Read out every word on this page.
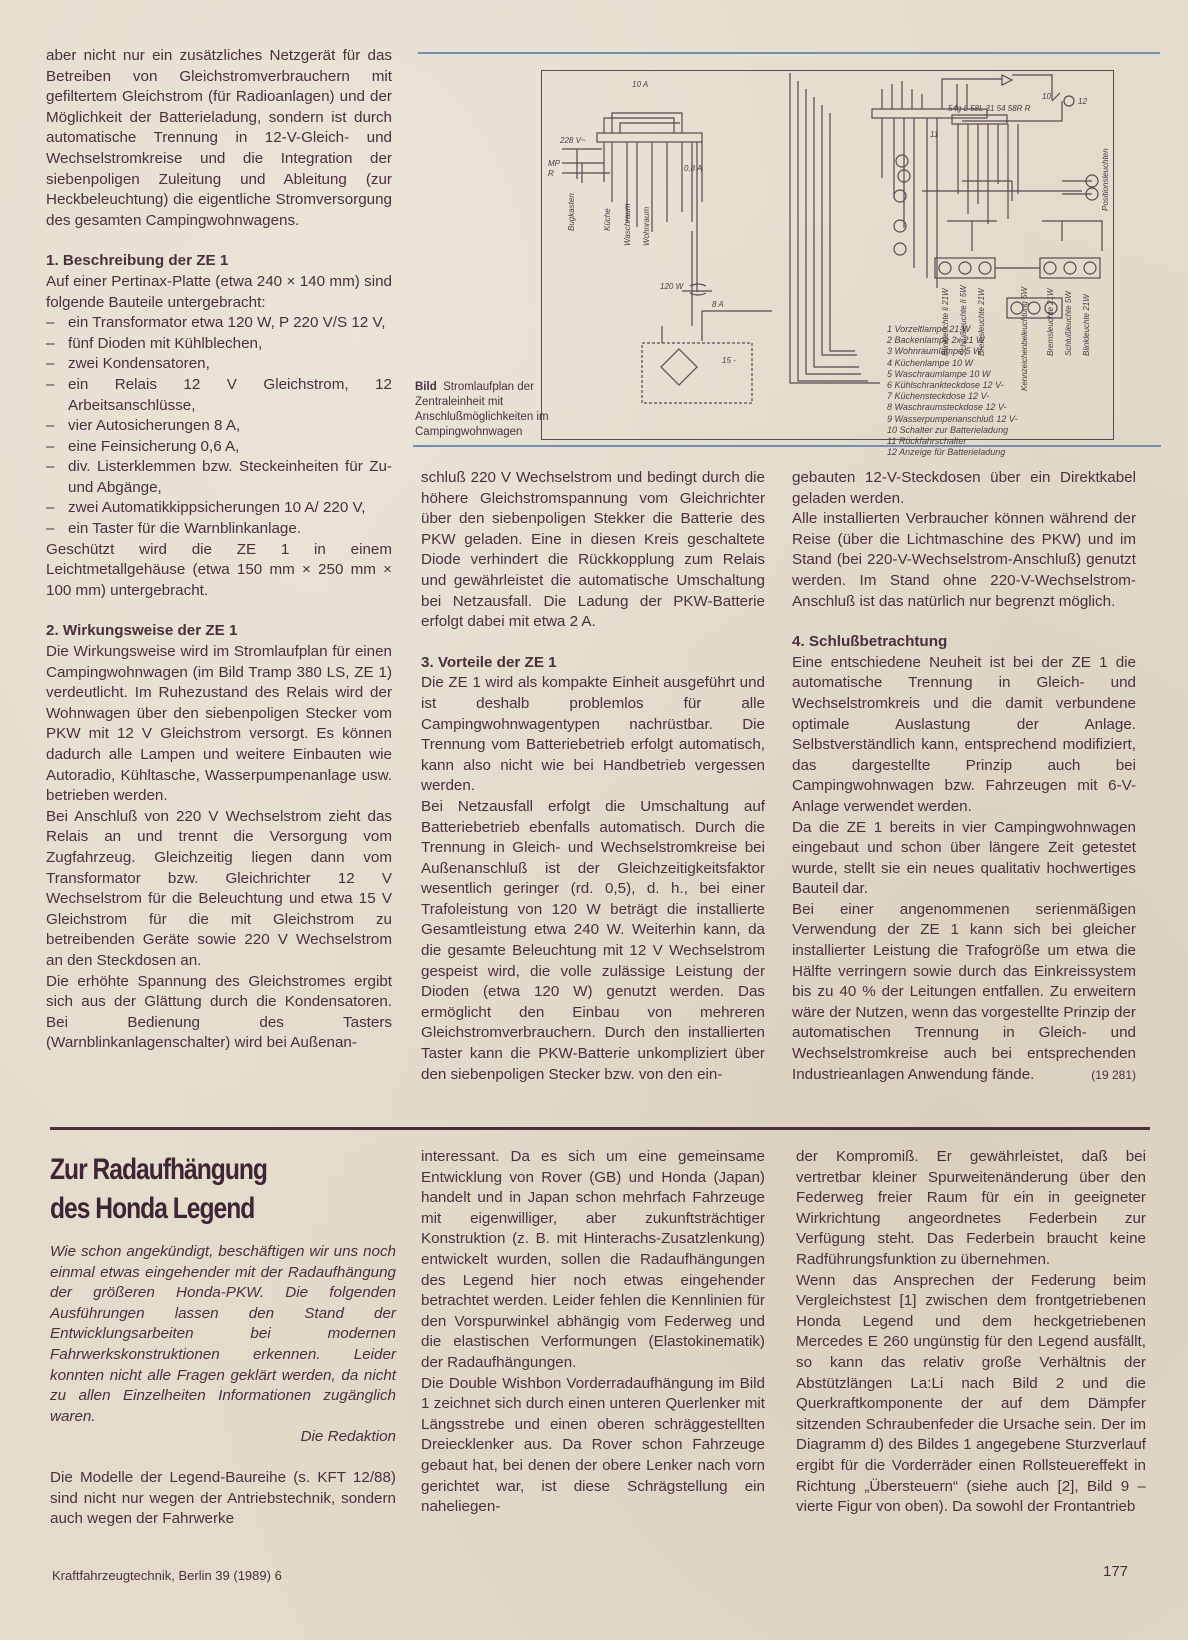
aber nicht nur ein zusätzliches Netzgerät für das Betreiben von Gleichstromverbrauchern mit gefiltertem Gleichstrom (für Radioanlagen) und der Möglichkeit der Batterieladung, sondern ist durch automatische Trennung in 12-V-Gleich- und Wechselstromkreise und die Integration der siebenpoligen Zuleitung und Ableitung (zur Heckbeleuchtung) die eigentliche Stromversorgung des gesamten Campingwohnwagens.

1. Beschreibung der ZE 1

Auf einer Pertinax-Platte (etwa 240 × 140 mm) sind folgende Bauteile untergebracht:

– ein Transformator etwa 120 W, P 220 V/S 12 V,
– fünf Dioden mit Kühlblechen,
– zwei Kondensatoren,
– ein Relais 12 V Gleichstrom, 12 Arbeitsanschlüsse,
– vier Autosicherungen 8 A,
– eine Feinsicherung 0,6 A,
– div. Listerklemmen bzw. Steckeinheiten für Zu- und Abgänge,
– zwei Automatikkippsicherungen 10 A/ 220 V,
– ein Taster für die Warnblinkanlage.

Geschützt wird die ZE 1 in einem Leichtmetallgehäuse (etwa 150 mm × 250 mm × 100 mm) untergebracht.

2. Wirkungsweise der ZE 1

Die Wirkungsweise wird im Stromlaufplan für einen Campingwohnwagen (im Bild Tramp 380 LS, ZE 1) verdeutlicht. Im Ruhezustand des Relais wird der Wohnwagen über den siebenpoligen Stecker vom PKW mit 12 V Gleichstrom versorgt. Es können dadurch alle Lampen und weitere Einbauten wie Autoradio, Kühltasche, Wasserpumpenanlage usw. betrieben werden.

Bei Anschluß von 220 V Wechselstrom zieht das Relais an und trennt die Versorgung vom Zugfahrzeug. Gleichzeitig liegen dann vom Transformator bzw. Gleichrichter 12 V Wechselstrom für die Beleuchtung und etwa 15 V Gleichstrom für die mit Gleichstrom zu betreibenden Geräte sowie 220 V Wechselstrom an den Steckdosen an.

Die erhöhte Spannung des Gleichstromes ergibt sich aus der Glättung durch die Kondensatoren. Bei Bedienung des Tasters (Warnblinkanlagenschalter) wird bei Außenan-

10 A
228 V~
MP
R
0,8 A
120 W
8 A
15 -
10
12
11
54g L 58L 31 54 58R R
Bugkasten	Küche Waschraum Wohnraum
Positionsleuchten
Blinkleuchte li 21W Schlußleuchte li 5W Bremsleuchte 21W	Bremsleuchte 21W Schlußleuchte 5W Blinkleuchte 21W
Kennzeichenbeleuchtung 5W
1 Vorzeltlampe 21 W
2 Backenlampe 2x 21 W
3 Wohnraumlampe 5 W
4 Küchenlampe 10 W
5 Waschraumlampe 10 W
6 Kühlschrankteckdose 12 V-
7 Küchensteckdose 12 V-
8 Waschraumsteckdose 12 V-
9 Wasserpumpenanschluß 12 V-
10 Schalter zur Batterieladung
11 Rückfahrschalter
12 Anzeige für Batterieladung
Bild Stromlaufplan der Zentraleinheit mit Anschlußmöglichkeiten im Campingwohnwagen

schluß 220 V Wechselstrom und bedingt durch die höhere Gleichstromspannung vom Gleichrichter über den siebenpoligen Stekker die Batterie des PKW geladen. Eine in diesen Kreis geschaltete Diode verhindert die Rückkopplung zum Relais und gewährleistet die automatische Umschaltung bei Netzausfall. Die Ladung der PKW-Batterie erfolgt dabei mit etwa 2 A.

3. Vorteile der ZE 1

Die ZE 1 wird als kompakte Einheit ausgeführt und ist deshalb problemlos für alle Campingwohnwagentypen nachrüstbar. Die Trennung vom Batteriebetrieb erfolgt automatisch, kann also nicht wie bei Handbetrieb vergessen werden.

Bei Netzausfall erfolgt die Umschaltung auf Batteriebetrieb ebenfalls automatisch. Durch die Trennung in Gleich- und Wechselstromkreise bei Außenanschluß ist der Gleichzeitigkeitsfaktor wesentlich geringer (rd. 0,5), d. h., bei einer Trafoleistung von 120 W beträgt die installierte Gesamtleistung etwa 240 W. Weiterhin kann, da die gesamte Beleuchtung mit 12 V Wechselstrom gespeist wird, die volle zulässige Leistung der Dioden (etwa 120 W) genutzt werden. Das ermöglicht den Einbau von mehreren Gleichstromverbrauchern. Durch den installierten Taster kann die PKW-Batterie unkompliziert über den siebenpoligen Stecker bzw. von den ein-

gebauten 12-V-Steckdosen über ein Direktkabel geladen werden.

Alle installierten Verbraucher können während der Reise (über die Lichtmaschine des PKW) und im Stand (bei 220-V-Wechselstrom-Anschluß) genutzt werden. Im Stand ohne 220-V-Wechselstrom-Anschluß ist das natürlich nur begrenzt möglich.

4. Schlußbetrachtung

Eine entschiedene Neuheit ist bei der ZE 1 die automatische Trennung in Gleich- und Wechselstromkreis und die damit verbundene optimale Auslastung der Anlage. Selbstverständlich kann, entsprechend modifiziert, das dargestellte Prinzip auch bei Campingwohnwagen bzw. Fahrzeugen mit 6-V-Anlage verwendet werden.

Da die ZE 1 bereits in vier Campingwohnwagen eingebaut und schon über längere Zeit getestet wurde, stellt sie ein neues qualitativ hochwertiges Bauteil dar.

Bei einer angenommenen serienmäßigen Verwendung der ZE 1 kann sich bei gleicher installierter Leistung die Trafogröße um etwa die Hälfte verringern sowie durch das Einkreissystem bis zu 40 % der Leitungen entfallen. Zu erweitern wäre der Nutzen, wenn das vorgestellte Prinzip der automatischen Trennung in Gleich- und Wechselstromkreise auch bei entsprechenden Industrieanlagen Anwendung fände.	(19 281)

Zur Radaufhängung
des Honda Legend

Wie schon angekündigt, beschäftigen wir uns noch einmal etwas eingehender mit der Radaufhängung der größeren Honda-PKW. Die folgenden Ausführungen lassen den Stand der Entwicklungsarbeiten bei modernen Fahrwerkskonstruktionen erkennen. Leider konnten nicht alle Fragen geklärt werden, da nicht zu allen Einzelheiten Informationen zugänglich waren.

Die Redaktion

Die Modelle der Legend-Baureihe (s. KFT 12/88) sind nicht nur wegen der Antriebstechnik, sondern auch wegen der Fahrwerke

interessant. Da es sich um eine gemeinsame Entwicklung von Rover (GB) und Honda (Japan) handelt und in Japan schon mehrfach Fahrzeuge mit eigenwilliger, aber zukunftsträchtiger Konstruktion (z. B. mit Hinterachs-Zusatzlenkung) entwickelt wurden, sollen die Radaufhängungen des Legend hier noch etwas eingehender betrachtet werden. Leider fehlen die Kennlinien für den Vorspurwinkel abhängig vom Federweg und die elastischen Verformungen (Elastokinematik) der Radaufhängungen.

Die Double Wishbon Vorderradaufhängung im Bild 1 zeichnet sich durch einen unteren Querlenker mit Längsstrebe und einen oberen schräggestellten Dreiecklenker aus. Da Rover schon Fahrzeuge gebaut hat, bei denen der obere Lenker nach vorn gerichtet war, ist diese Schrägstellung ein naheliegen-

der Kompromiß. Er gewährleistet, daß bei vertretbar kleiner Spurweitenänderung über den Federweg freier Raum für ein in geeigneter Wirkrichtung angeordnetes Federbein zur Verfügung steht. Das Federbein braucht keine Radführungsfunktion zu übernehmen.

Wenn das Ansprechen der Federung beim Vergleichstest [1] zwischen dem frontgetriebenen Honda Legend und dem heckgetriebenen Mercedes E 260 ungünstig für den Legend ausfällt, so kann das relativ große Verhältnis der Abstützlängen La:Li nach Bild 2 und die Querkraftkomponente der auf dem Dämpfer sitzenden Schraubenfeder die Ursache sein. Der im Diagramm d) des Bildes 1 angegebene Sturzverlauf ergibt für die Vorderräder einen Rollsteuereffekt in Richtung „Übersteuern“ (siehe auch [2], Bild 9 – vierte Figur von oben). Da sowohl der Frontantrieb

Kraftfahrzeugtechnik, Berlin 39 (1989) 6	177
